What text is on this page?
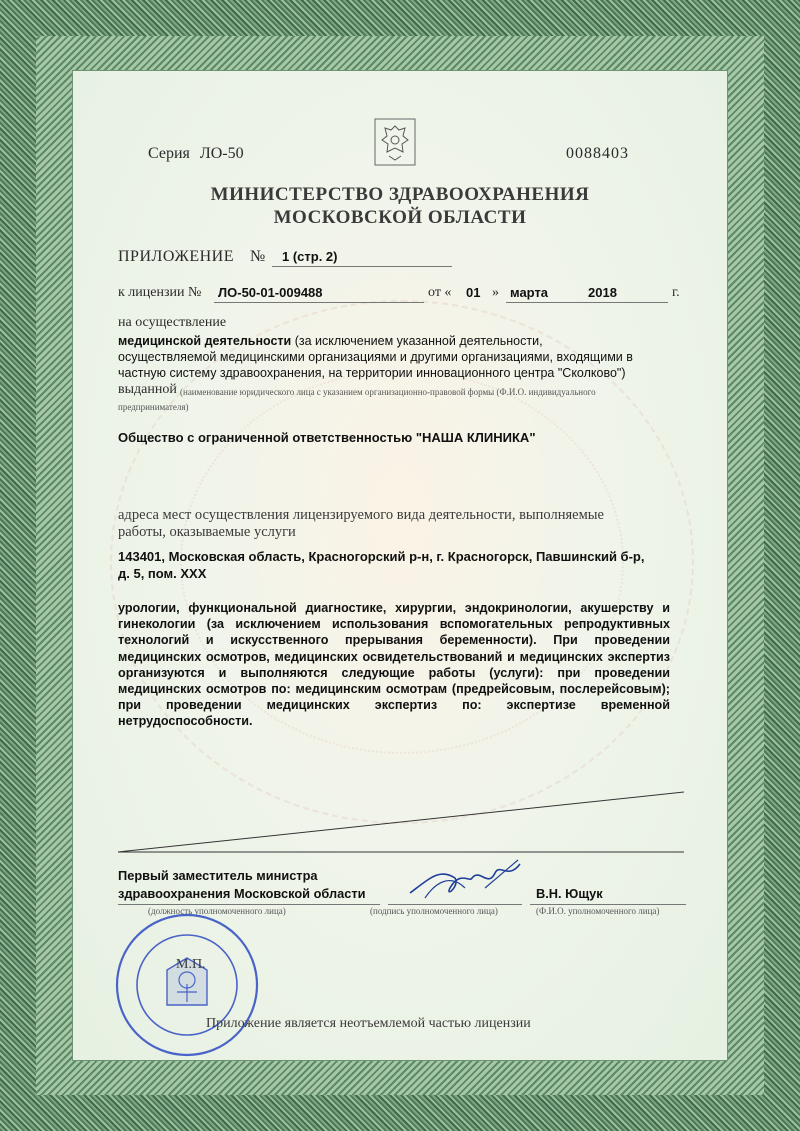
Серия ЛО-50	0088403
МИНИСТЕРСТВО ЗДРАВООХРАНЕНИЯ
МОСКОВСКОЙ ОБЛАСТИ
ПРИЛОЖЕНИЕ № 1 (стр. 2)
к лицензии № ЛО-50-01-009488	от « 01 » марта	2018	г.
на осуществление
медицинской деятельности (за исключением указанной деятельности,
осуществляемой медицинскими организациями и другими организациями, входящими в
частную систему здравоохранения, на территории инновационного центра "Сколково")
выданной (наименование юридического лица с указанием организационно-правовой формы (Ф.И.О. индивидуального
предпринимателя)
Общество с ограниченной ответственностью "НАША КЛИНИКА"
адреса мест осуществления лицензируемого вида деятельности, выполняемые
работы, оказываемые услуги
143401, Московская область, Красногорский р-н, г. Красногорск, Павшинский б-р,
д. 5, пом. XXX
урологии, функциональной диагностике, хирургии, эндокринологии, акушерству и гинекологии (за исключением использования вспомогательных репродуктивных технологий и искусственного прерывания беременности). При проведении медицинских осмотров, медицинских освидетельствований и медицинских экспертиз организуются и выполняются следующие работы (услуги): при проведении медицинских осмотров по: медицинским осмотрам (предрейсовым, послерейсовым); при проведении медицинских экспертиз по: экспертизе временной нетрудоспособности.
Первый заместитель министра
здравоохранения Московской области
(должность уполномоченного лица)	(подпись уполномоченного лица)
В.Н. Ющук
(Ф.И.О. уполномоченного лица)
М.П.
Приложение является неотъемлемой частью лицензии
